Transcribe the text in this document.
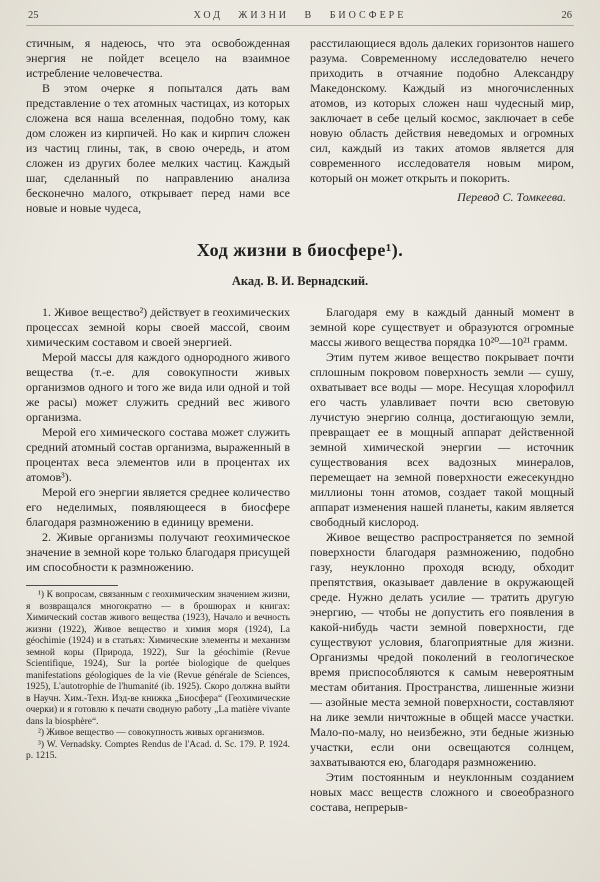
25	ХОД ЖИЗНИ В БИОСФЕРЕ	26

стичным, я надеюсь, что эта освобожденная энергия не пойдет всецело на взаимное истребление человечества.

В этом очерке я попытался дать вам представление о тех атомных частицах, из которых сложена вся наша вселенная, подобно тому, как дом сложен из кирпичей. Но как и кирпич сложен из частиц глины, так, в свою очередь, и атом сложен из других более мелких частиц. Каждый шаг, сделанный по направлению анализа бесконечно малого, открывает перед нами все новые и новые чудеса,

расстилающиеся вдоль далеких горизонтов нашего разума. Современному исследователю нечего приходить в отчаяние подобно Александру Македонскому. Каждый из многочисленных атомов, из которых сложен наш чудесный мир, заключает в себе целый космос, заключает в себе новую область действия неведомых и огромных сил, каждый из таких атомов является для современного исследователя новым миром, который он может открыть и покорить.

Перевод С. Томкеева.

Ход жизни в биосфере¹).
Акад. В. И. Вернадский.

1. Живое вещество²) действует в геохимических процессах земной коры своей массой, своим химическим составом и своей энергией.

Мерой массы для каждого однородного живого вещества (т.-е. для совокупности живых организмов одного и того же вида или одной и той же расы) может служить средний вес живого организма.

Мерой его химического состава может служить средний атомный состав организма, выраженный в процентах веса элементов или в процентах их атомов³).

Мерой его энергии является среднее количество его неделимых, появляющееся в биосфере благодаря размножению в единицу времени.

2. Живые организмы получают геохимическое значение в земной коре только благодаря присущей им способности к размножению.

¹) К вопросам, связанным с геохимическим значением жизни, я возвращался многократно — в брошюрах и книгах: Химический состав живого вещества (1923), Начало и вечность жизни (1922), Живое вещество и химия моря (1924), La géochimie (1924) и в статьях: Химические элементы и механизм земной коры (Природа, 1922), Sur la géochimie (Revue Scientifique, 1924), Sur la portée biologique de quelques manifestations géologiques de la vie (Revue générale de Sciences, 1925), L'autotrophie de l'humanité (ib. 1925). Скоро должна выйти в Научн. Хим.-Техн. Изд-ве книжка „Биосфера“ (Геохимические очерки) и я готовлю к печати сводную работу „La matière vivante dans la biosphère“.

²) Живое вещество — совокупность живых организмов.

³) W. Vernadsky. Comptes Rendus de l'Acad. d. Sc. 179. P. 1924. p. 1215.

Благодаря ему в каждый данный момент в земной коре существует и образуются огромные массы живого вещества порядка 10²⁰—10²¹ грамм.

Этим путем живое вещество покрывает почти сплошным покровом поверхность земли — сушу, охватывает все воды — море. Несущая хлорофилл его часть улавливает почти всю световую лучистую энергию солнца, достигающую земли, превращает ее в мощный аппарат действенной земной химической энергии — источник существования всех вадозных минералов, перемещает на земной поверхности ежесекундно миллионы тонн атомов, создает такой мощный аппарат изменения нашей планеты, каким является свободный кислород.

Живое вещество распространяется по земной поверхности благодаря размножению, подобно газу, неуклонно проходя всюду, обходит препятствия, оказывает давление в окружающей среде. Нужно делать усилие — тратить другую энергию, — чтобы не допустить его появления в какой-нибудь части земной поверхности, где существуют условия, благоприятные для жизни. Организмы чредой поколений в геологическое время приспособляются к самым невероятным местам обитания. Пространства, лишенные жизни — азойные места земной поверхности, составляют на лике земли ничтожные в общей массе участки. Мало-по-малу, но неизбежно, эти бедные жизнью участки, если они освещаются солнцем, захватываются ею, благодаря размножению.

Этим постоянным и неуклонным созданием новых масс веществ сложного и своеобразного состава, непрерыв-
